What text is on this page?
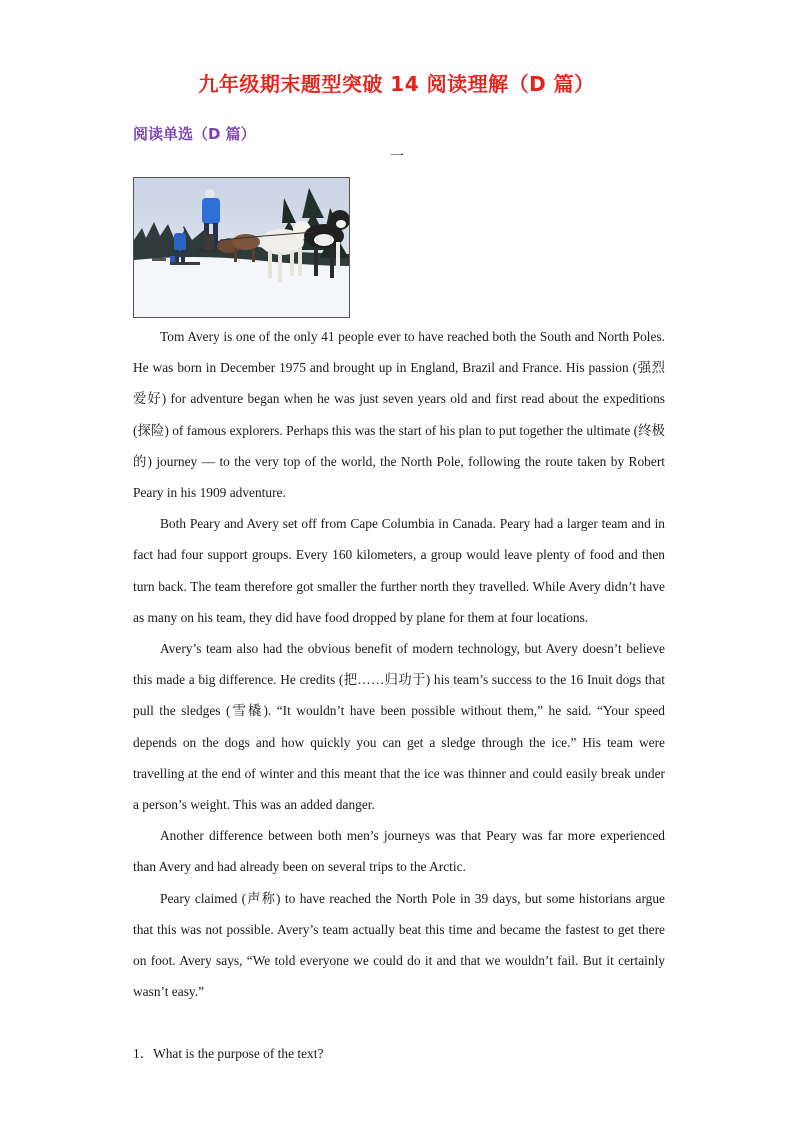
九年级期末题型突破 14 阅读理解（D 篇）
阅读单选（D 篇）
一

Tom Avery is one of the only 41 people ever to have reached both the South and North Poles. He was born in December 1975 and brought up in England, Brazil and France. His passion (强烈爱好) for adventure began when he was just seven years old and first read about the expeditions (探险) of famous explorers. Perhaps this was the start of his plan to put together the ultimate (终极的) journey — to the very top of the world, the North Pole, following the route taken by Robert Peary in his 1909 adventure.

Both Peary and Avery set off from Cape Columbia in Canada. Peary had a larger team and in fact had four support groups. Every 160 kilometers, a group would leave plenty of food and then turn back. The team therefore got smaller the further north they travelled. While Avery didn’t have as many on his team, they did have food dropped by plane for them at four locations.

Avery’s team also had the obvious benefit of modern technology, but Avery doesn’t believe this made a big difference. He credits (把……归功于) his team’s success to the 16 Inuit dogs that pull the sledges (雪橇). “It wouldn’t have been possible without them,” he said. “Your speed depends on the dogs and how quickly you can get a sledge through the ice.” His team were travelling at the end of winter and this meant that the ice was thinner and could easily break under a person’s weight. This was an added danger.

Another difference between both men’s journeys was that Peary was far more experienced than Avery and had already been on several trips to the Arctic.

Peary claimed (声称) to have reached the North Pole in 39 days, but some historians argue that this was not possible. Avery’s team actually beat this time and became the fastest to get there on foot. Avery says, “We told everyone we could do it and that we wouldn’t fail. But it certainly wasn’t easy.”

1．What is the purpose of the text?
